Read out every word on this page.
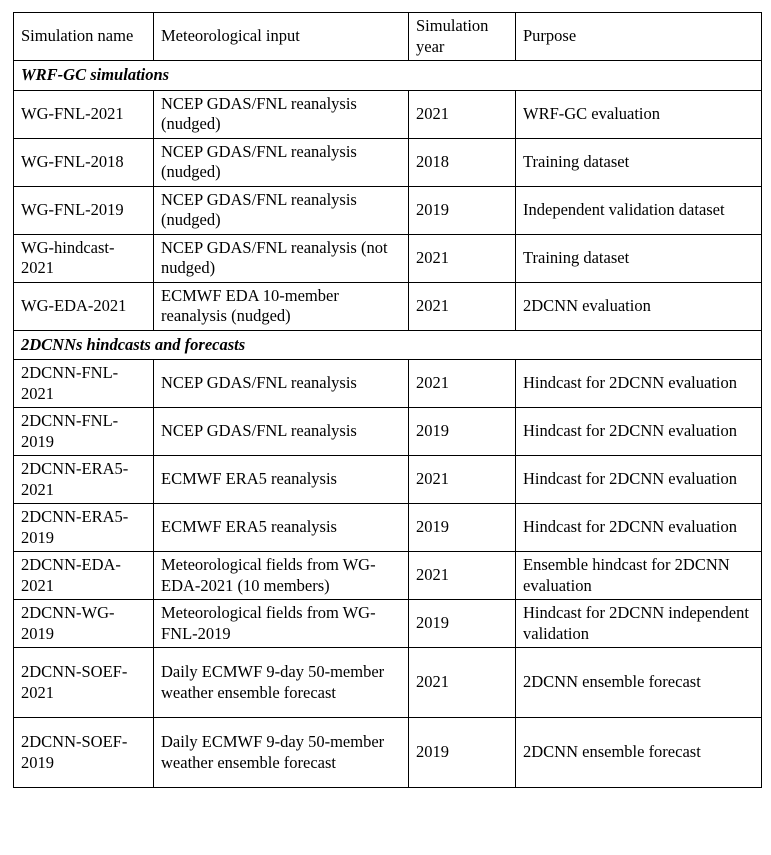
Simulation name	Meteorological input	Simulation year	Purpose
WRF-GC simulations			
WG-FNL-2021	NCEP GDAS/FNL reanalysis (nudged)	2021	WRF-GC evaluation
WG-FNL-2018	NCEP GDAS/FNL reanalysis (nudged)	2018	Training dataset
WG-FNL-2019	NCEP GDAS/FNL reanalysis (nudged)	2019	Independent validation dataset
WG-hindcast-2021	NCEP GDAS/FNL reanalysis (not nudged)	2021	Training dataset
WG-EDA-2021	ECMWF EDA 10-member reanalysis (nudged)	2021	2DCNN evaluation
2DCNNs hindcasts and forecasts			
2DCNN-FNL-2021	NCEP GDAS/FNL reanalysis	2021	Hindcast for 2DCNN evaluation
2DCNN-FNL-2019	NCEP GDAS/FNL reanalysis	2019	Hindcast for 2DCNN evaluation
2DCNN-ERA5-2021	ECMWF ERA5 reanalysis	2021	Hindcast for 2DCNN evaluation
2DCNN-ERA5-2019	ECMWF ERA5 reanalysis	2019	Hindcast for 2DCNN evaluation
2DCNN-EDA-2021	Meteorological fields from WG-EDA-2021 (10 members)	2021	Ensemble hindcast for 2DCNN evaluation
2DCNN-WG-2019	Meteorological fields from WG-FNL-2019	2019	Hindcast for 2DCNN independent validation
2DCNN-SOEF-2021	Daily ECMWF 9-day 50-member weather ensemble forecast	2021	2DCNN ensemble forecast
2DCNN-SOEF-2019	Daily ECMWF 9-day 50-member weather ensemble forecast	2019	2DCNN ensemble forecast
